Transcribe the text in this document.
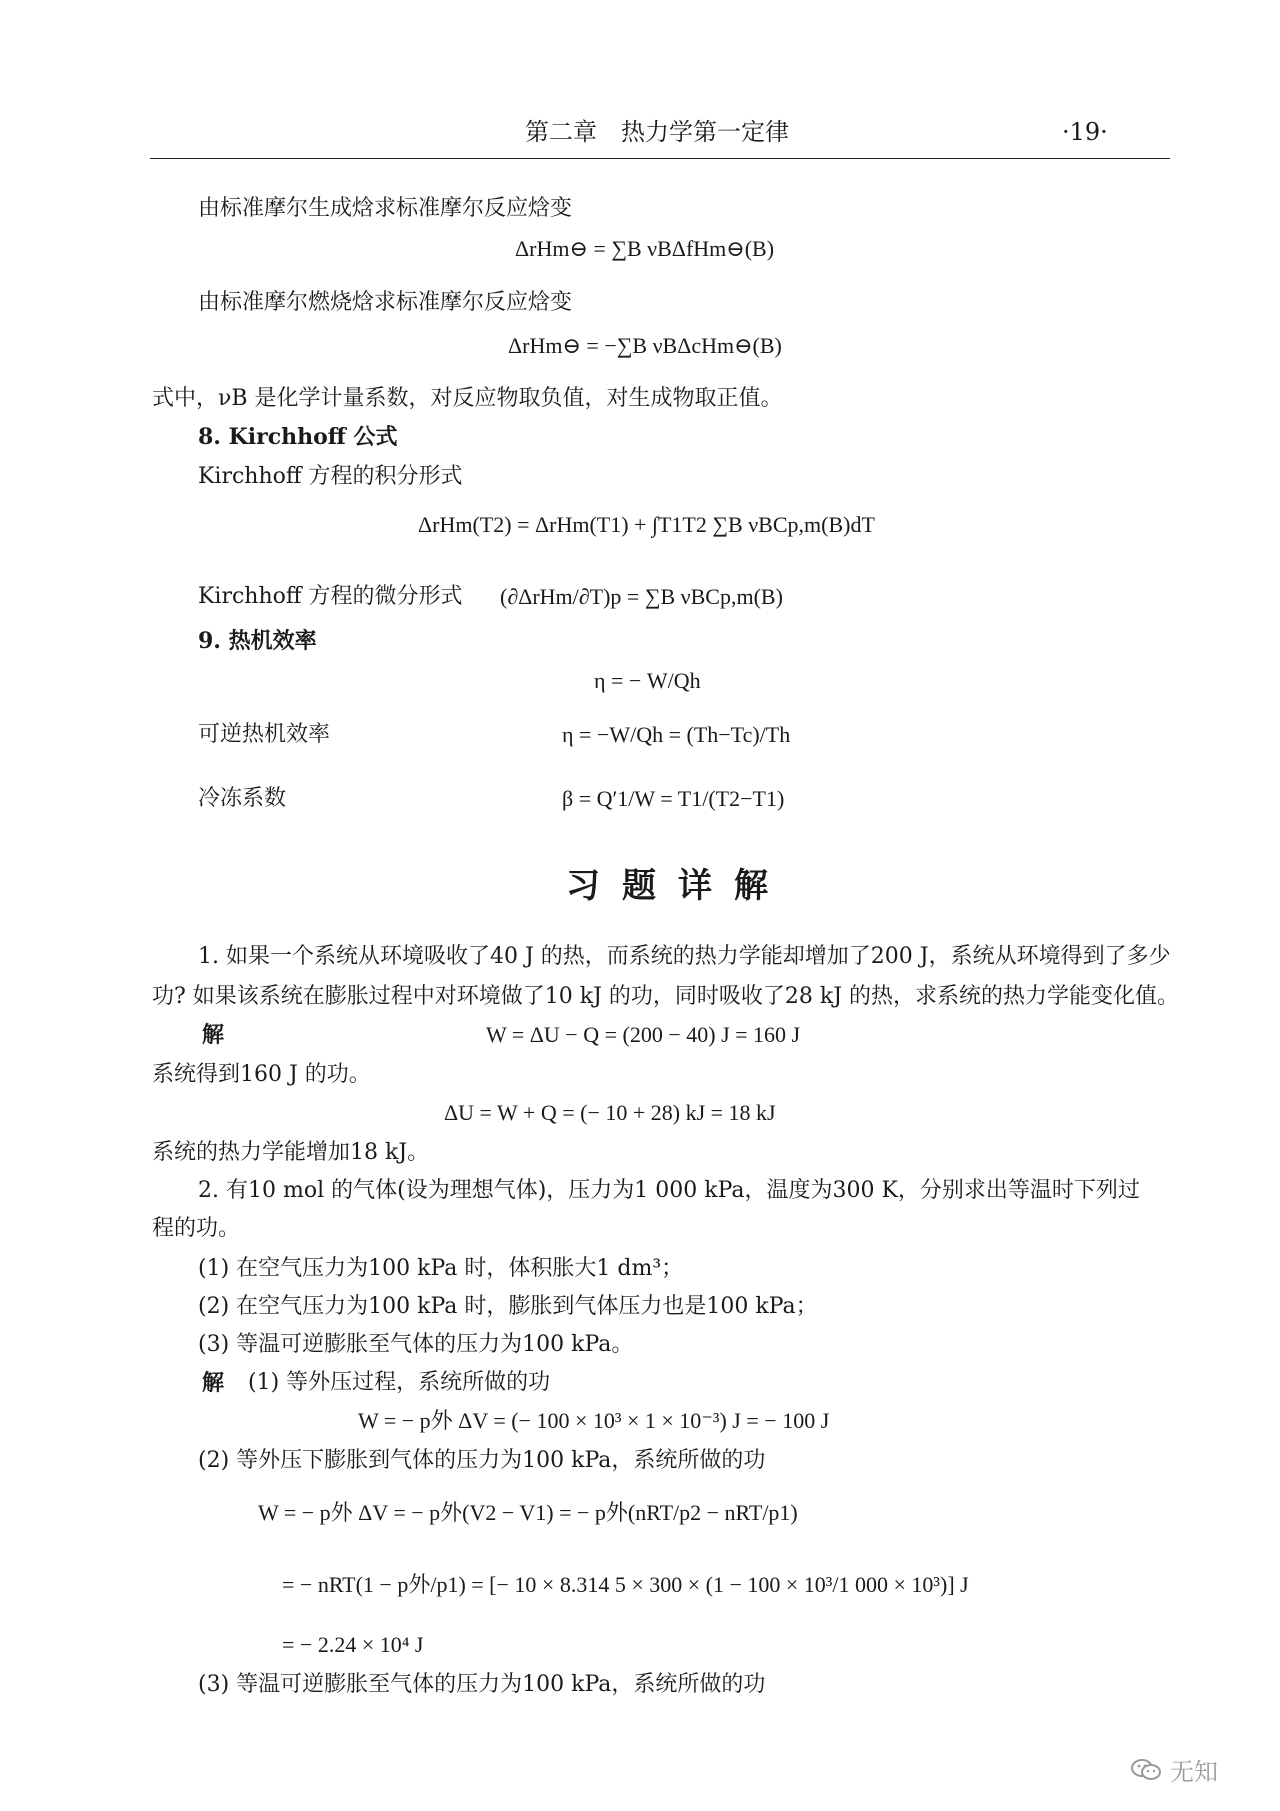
第二章　热力学第一定律	·19·
由标准摩尔生成焓求标准摩尔反应焓变
ΔrHm⊖ = ∑B νBΔfHm⊖(B)
由标准摩尔燃烧焓求标准摩尔反应焓变
ΔrHm⊖ = −∑B νBΔcHm⊖(B)
式中，νB 是化学计量系数，对反应物取负值，对生成物取正值。
8. Kirchhoff 公式
Kirchhoff 方程的积分形式
ΔrHm(T2) = ΔrHm(T1) + ∫T1T2 ∑B νBCp,m(B)dT
Kirchhoff 方程的微分形式 (∂ΔrHm/∂T)p = ∑B νBCp,m(B)
9. 热机效率
η = − W/Qh
可逆热机效率	η = −W/Qh = (Th−Tc)/Th
冷冻系数	β = Q′1/W = T1/(T2−T1)
习题详解
1. 如果一个系统从环境吸收了40 J 的热，而系统的热力学能却增加了200 J，系统从环境得到了多少
功? 如果该系统在膨胀过程中对环境做了10 kJ 的功，同时吸收了28 kJ 的热，求系统的热力学能变化值。
解	W = ΔU − Q = (200 − 40) J = 160 J
系统得到160 J 的功。
ΔU = W + Q = (− 10 + 28) kJ = 18 kJ
系统的热力学能增加18 kJ。
2. 有10 mol 的气体(设为理想气体)，压力为1 000 kPa，温度为300 K，分别求出等温时下列过
程的功。
(1) 在空气压力为100 kPa 时，体积胀大1 dm³；
(2) 在空气压力为100 kPa 时，膨胀到气体压力也是100 kPa；
(3) 等温可逆膨胀至气体的压力为100 kPa。
解 (1) 等外压过程，系统所做的功
W = − p外 ΔV = (− 100 × 10³ × 1 × 10⁻³) J = − 100 J
(2) 等外压下膨胀到气体的压力为100 kPa，系统所做的功
W = − p外 ΔV = − p外(V2 − V1) = − p外(nRT/p2 − nRT/p1)
= − nRT(1 − p外/p1) = [− 10 × 8.314 5 × 300 × (1 − 100 × 10³/1 000 × 10³)] J
= − 2.24 × 10⁴ J
(3) 等温可逆膨胀至气体的压力为100 kPa，系统所做的功
无知
